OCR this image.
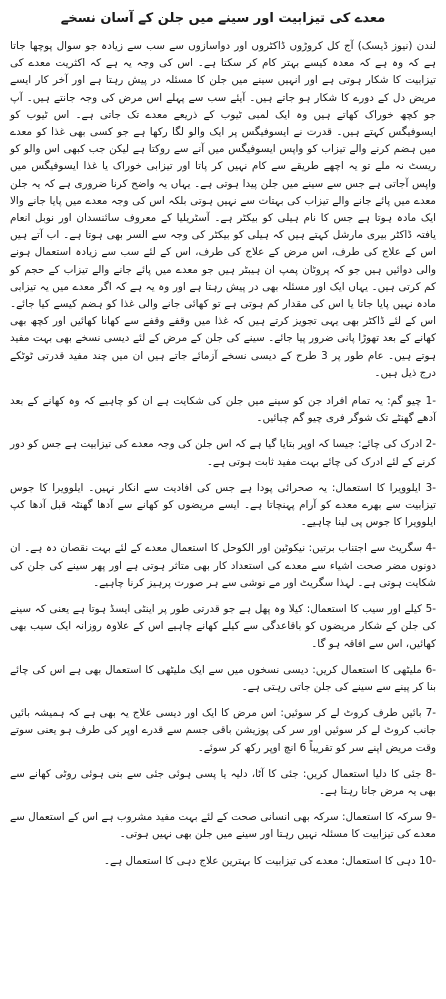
معدے کی تیزابیت اور سینے میں جلن کے آسان نسخے

لندن (نیوز ڈیسک) آج کل کروڑوں ڈاکٹروں اور دواسازوں سے سب سے زیادہ جو سوال پوچھا جاتا ہے کہ وہ ہے کہ معدہ کیسے بہتر کام کر سکتا ہے۔ اس کی وجہ یہ ہے کہ اکثریت معدے کی تیزابیت کا شکار ہوتی ہے اور انہیں سینے میں جلن کا مسئلہ در پیش رہتا ہے اور آخر کار ایسے مریض دل کے دورے کا شکار ہو جاتے ہیں۔ آیئے سب سے پہلے اس مرض کی وجہ جانتے ہیں۔ آپ جو کچھ خوراک کھاتے ہیں وہ ایک لمبی ٹیوب کے ذریعے معدے تک جاتی ہے۔ اس ٹیوب کو ایسوفیگس کہتے ہیں۔ قدرت نے ایسوفیگس پر ایک والو لگا رکھا ہے جو کسی بھی غذا کو معدے میں ہضم کرنے والے تیزاب کو واپس ایسوفیگس میں آنے سے روکتا ہے لیکن جب کبھی اس والو کو ریسٹ نہ ملے تو یہ اچھے طریقے سے کام نہیں کر پاتا اور تیزابی خوراک یا غذا ایسوفیگس میں واپس آجاتی ہے جس سے سینے میں جلن پیدا ہوتی ہے۔ یہاں یہ واضح کرنا ضروری ہے کہ یہ جلن معدے میں پائے جانے والے تیزاب کی بہتات سے نہیں ہوتی بلکہ اس کی وجہ معدے میں پایا جانے والا ایک مادہ ہوتا ہے جس کا نام ہیلی کو بیکٹر ہے۔ آسٹریلیا کے معروف سائنسدان اور نوبل انعام یافتہ ڈاکٹر بیری مارشل کہتے ہیں کہ ہیلی کو بیکٹر کی وجہ سے السر بھی ہوتا ہے۔ اب آتے ہیں اس کے علاج کی طرف، اس مرض کے علاج کی طرف، اس کے لئے سب سے زیادہ استعمال ہونے والی دوائیں ہیں جو کہ پروٹان پمپ ان ہیبٹر ہیں جو معدے میں پائے جانے والے تیزاب کے حجم کو کم کرتی ہیں۔ یہاں ایک اور مسئلہ بھی در پیش رہتا ہے اور وہ یہ ہے کہ اگر معدے میں یہ تیزابی مادہ نہیں پایا جاتا یا اس کی مقدار کم ہوتی ہے تو کھائی جانے والی غذا کو ہضم کیسے کیا جائے۔ اس کے لئے ڈاکٹر بھی یہی تجویز کرتے ہیں کہ غذا میں وقفے وقفے سے کھانا کھائیں اور کچھ بھی کھانے کے بعد تھوڑا پانی ضرور پیا جائے۔ سینے کی جلن کے مرض کے لئے دیسی نسخے بھی بہت مفید ہوتے ہیں۔ عام طور پر 3 طرح کے دیسی نسخے آزمائے جاتے ہیں ان میں چند مفید قدرتی ٹوٹکے درج ذیل ہیں۔

-1 چیو گم: یہ تمام افراد جن کو سینے میں جلن کی شکایت ہے ان کو چاہیے کہ وہ کھانے کے بعد آدھے گھنٹے تک شوگر فری چیو گم چبائیں۔

-2 ادرک کی چائے: جیسا کہ اوپر بتایا گیا ہے کہ اس جلن کی وجہ معدے کی تیزابیت ہے جس کو دور کرنے کے لئے ادرک کی چائے بہت مفید ثابت ہوتی ہے۔

-3 ایلوویرا کا استعمال: یہ صحرائی پودا ہے جس کی افادیت سے انکار نہیں۔ ایلوویرا کا جوس تیزابیت سے بھرے معدے کو آرام پہنچاتا ہے۔ ایسے مریضوں کو کھانے سے آدھا گھنٹہ قبل آدھا کپ ایلوویرا کا جوس پی لینا چاہیے۔

-4 سگریٹ سے اجتناب برتیں: نیکوٹین اور الکوحل کا استعمال معدے کے لئے بہت نقصان دہ ہے۔ ان دونوں مضر صحت اشیاء سے معدے کی استعداد کار بھی متاثر ہوتی ہے اور پھر سینے کی جلن کی شکایت ہوتی ہے۔ لہذا سگریٹ اور مے نوشی سے ہر صورت پرہیز کرنا چاہیے۔

-5 کیلے اور سیب کا استعمال: کیلا وہ پھل ہے جو قدرتی طور پر اینٹی ایسڈ ہوتا ہے یعنی کہ سینے کی جلن کے شکار مریضوں کو باقاعدگی سے کیلے کھانے چاہیے اس کے علاوہ روزانہ ایک سیب بھی کھائیں، اس سے افاقہ ہو گا۔

-6 ملیٹھی کا استعمال کریں: دیسی نسخوں میں سے ایک ملیٹھی کا استعمال بھی ہے اس کی چائے بنا کر پینے سے سینے کی جلن جاتی رہتی ہے۔

-7 بائیں طرف کروٹ لے کر سوئیں: اس مرض کا ایک اور دیسی علاج یہ بھی ہے کہ ہمیشہ بائیں جانب کروٹ لے کر سوئیں اور سر کی پوزیشن باقی جسم سے قدرے اوپر کی طرف ہو یعنی سوتے وقت مریض اپنے سر کو تقریباً 6 انچ اوپر رکھ کر سوئے۔

-8 جئی کا دلیا استعمال کریں: جئی کا آٹا، دلیہ یا پسی ہوئی جئی سے بنی ہوئی روٹی کھانے سے بھی یہ مرض جاتا رہتا ہے۔

-9 سرکہ کا استعمال: سرکہ بھی انسانی صحت کے لئے بہت مفید مشروب ہے اس کے استعمال سے معدے کی تیزابیت کا مسئلہ نہیں رہتا اور سینے میں جلن بھی نہیں ہوتی۔

-10 دہی کا استعمال: معدے کی تیزابیت کا بہترین علاج دہی کا استعمال ہے۔
